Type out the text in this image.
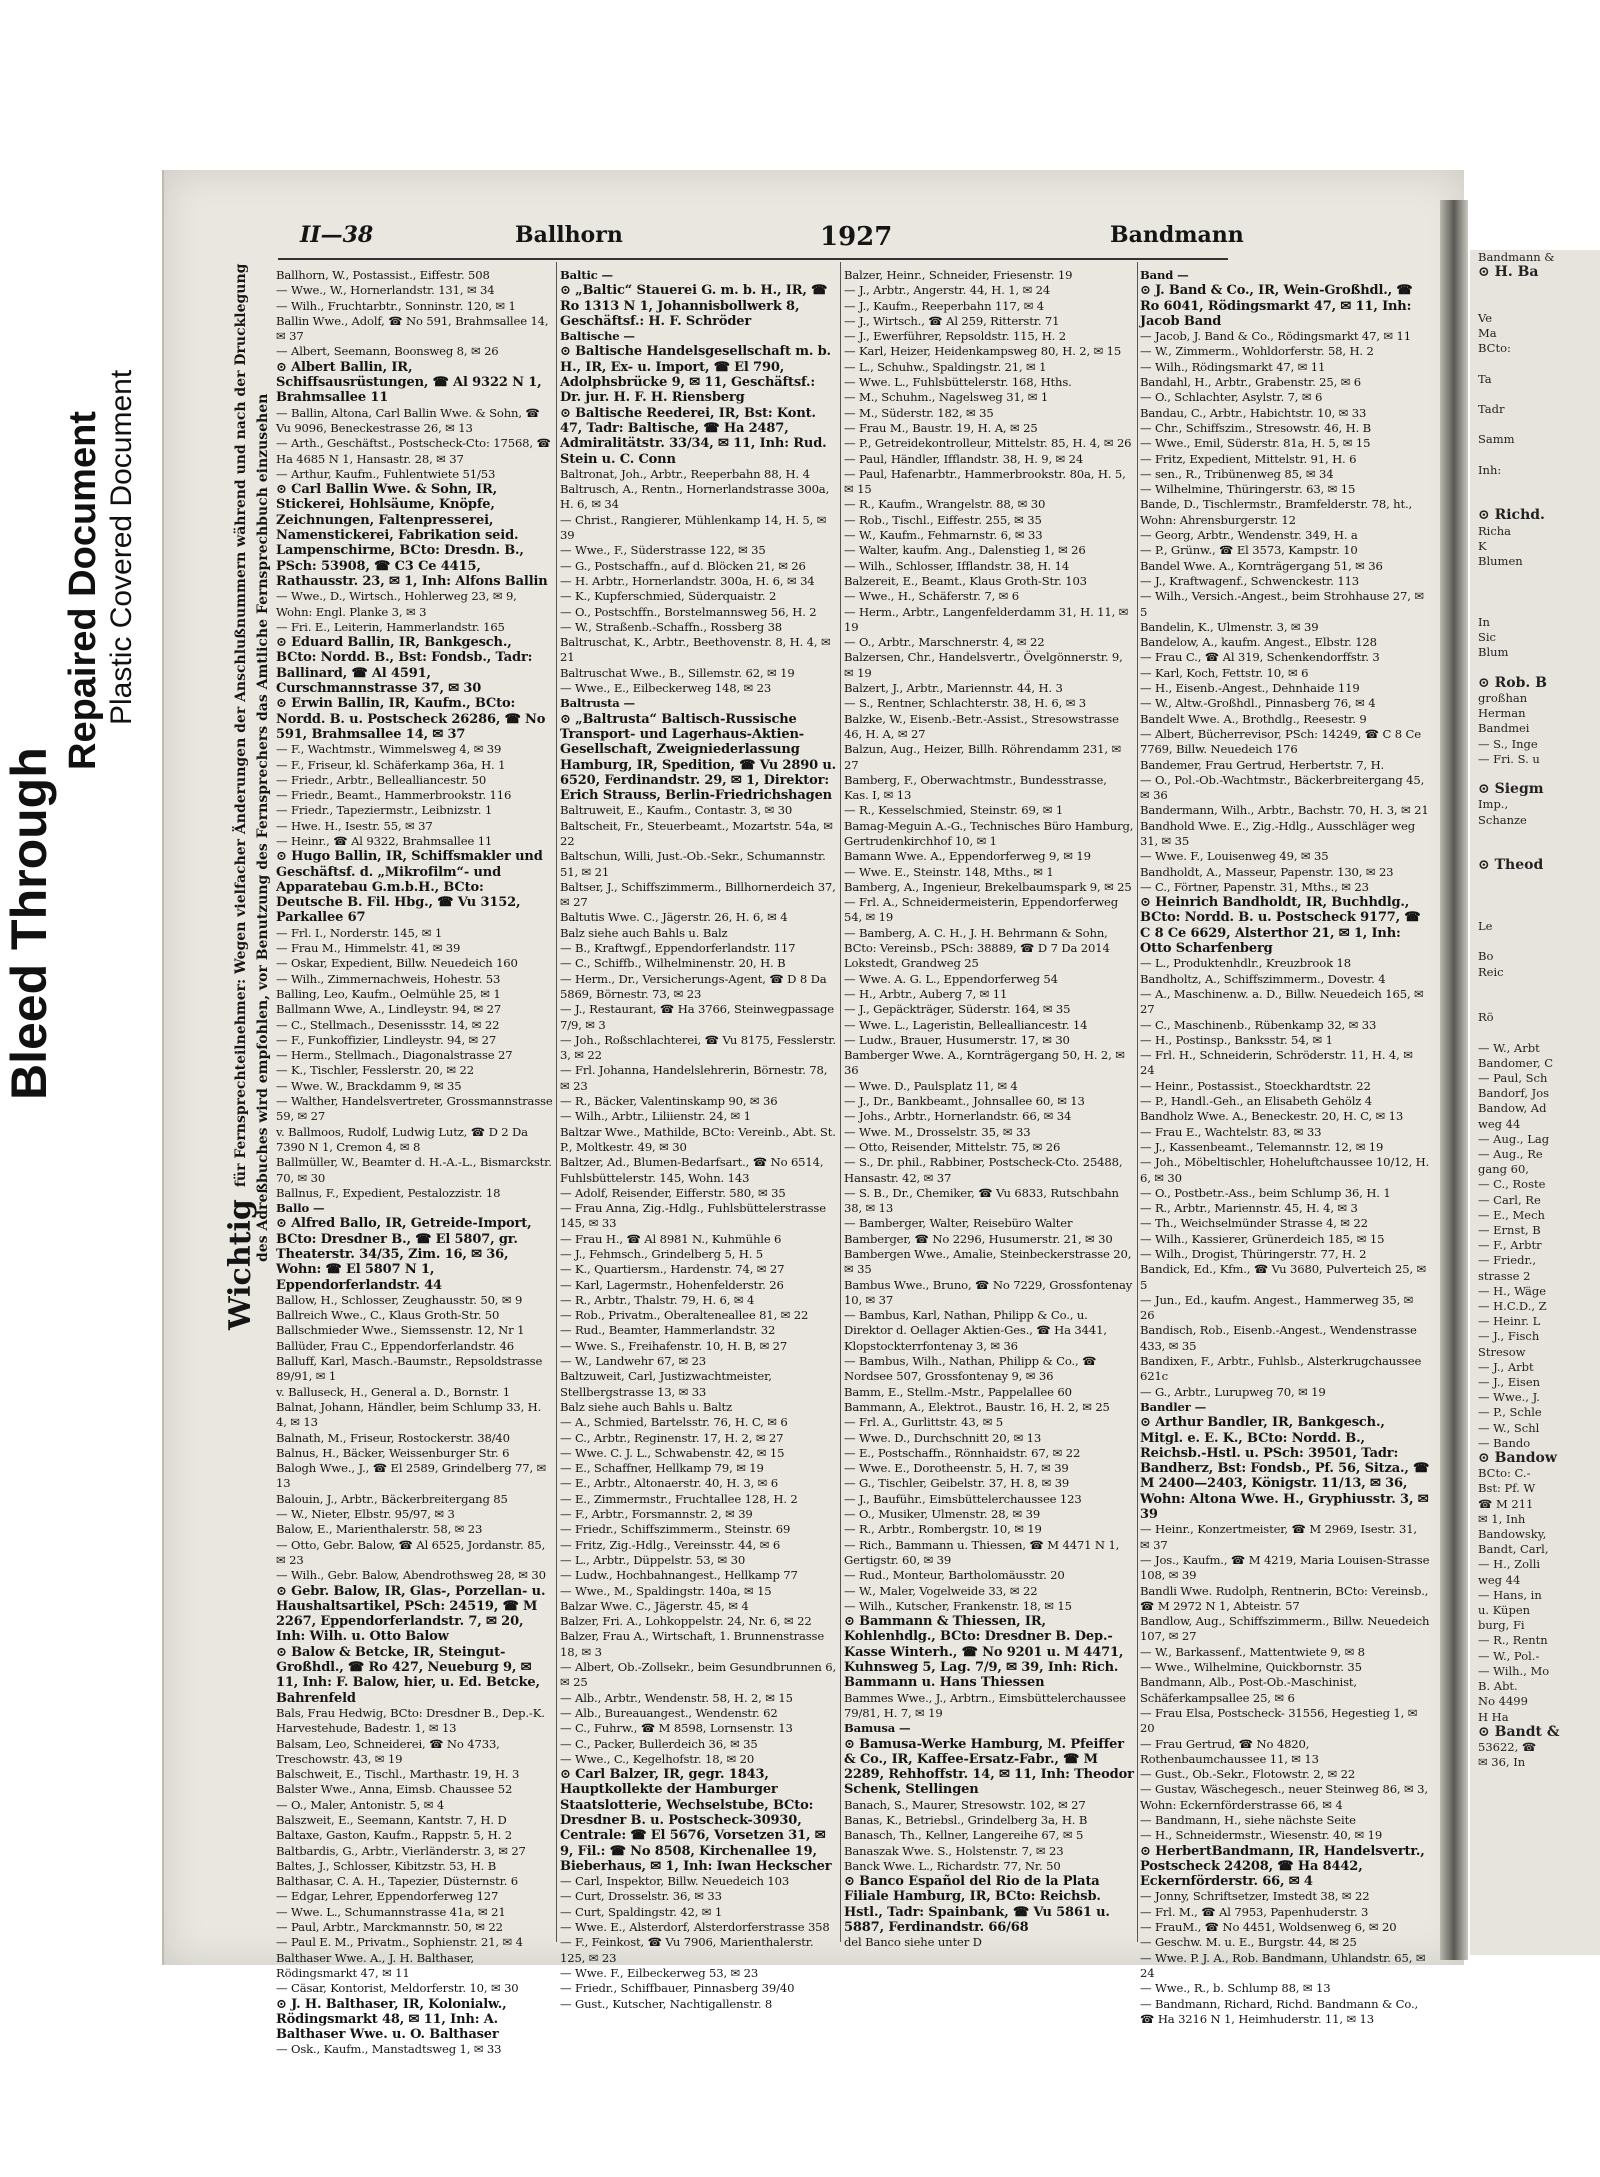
Bleed Through
Repaired Document Plastic Covered Document
Bandmann &
⊙ H. Ba

Ve
Ma
BCto:

Ta

Tadr

Samm

Inh:

⊙ Richd.
Richa
K
Blumen

In
Sic
Blum

⊙ Rob. B
großhan
Herman
Bandmei
— S., Inge
— Fri. S. u

⊙ Siegm
Imp.,
Schanze

⊙ Theod

Le

Bo
Reic

Rö

— W., Arbt
Bandomer, C
— Paul, Sch
Bandorf, Jos
Bandow, Ad
weg 44
— Aug., Lag
— Aug., Re
gang 60,
— C., Roste
— Carl, Re
— E., Mech
— Ernst, B
— F., Arbtr
— Friedr.,
strasse 2
— H., Wäge
— H.C.D., Z
— Heinr. L
— J., Fisch
Stresow
— J., Arbt
— J., Eisen
— Wwe., J.
— P., Schle
— W., Schl
— Bando
⊙ Bandow
BCto: C.-
Bst: Pf. W
☎ M 211
✉ 1, Inh
Bandowsky,
Bandt, Carl,
— H., Zolli
weg 44
— Hans, in
u. Küpen
burg, Fi
— R., Rentn
— W., Pol.-
— Wilh., Mo
B. Abt.
No 4499
H Ha
⊙ Bandt &
53622, ☎
✉ 36, In
II—38	Ballhorn	1927	Bandmann
Wichtigfür Fernsprechteilnehmer: Wegen vielfacher Änderungen der Anschlußnummern während und nach der Drucklegung des Adreßbuches wird empfohlen, vor Benutzung des Fernsprechers das Amtliche Fernsprechbuch einzusehen

Ballhorn, W., Postassist., Eiffestr. 508

— Wwe., W., Hornerlandstr. 131, ✉ 34

— Wilh., Fruchtarbtr., Sonninstr. 120, ✉ 1

Ballin Wwe., Adolf, ☎ No 591, Brahmsallee 14, ✉ 37

— Albert, Seemann, Boonsweg 8, ✉ 26

⊙ Albert Ballin, IR, Schiffsausrüstungen, ☎ Al 9322 N 1, Brahmsallee 11

— Ballin, Altona, Carl Ballin Wwe. & Sohn, ☎ Vu 9096, Beneckestrasse 26, ✉ 13

— Arth., Geschäftst., Postscheck-Cto: 17568, ☎ Ha 4685 N 1, Hansastr. 28, ✉ 37

— Arthur, Kaufm., Fuhlentwiete 51/53

⊙ Carl Ballin Wwe. & Sohn, IR, Stickerei, Hohlsäume, Knöpfe, Zeichnungen, Faltenpresserei, Namenstickerei, Fabrikation seid. Lampenschirme, BCto: Dresdn. B., PSch: 53908, ☎ C3 Ce 4415, Rathausstr. 23, ✉ 1, Inh: Alfons Ballin

— Wwe., D., Wirtsch., Hohlerweg 23, ✉ 9, Wohn: Engl. Planke 3, ✉ 3

— Fri. E., Leiterin, Hammerlandstr. 165

⊙ Eduard Ballin, IR, Bankgesch., BCto: Nordd. B., Bst: Fondsb., Tadr: Ballinard, ☎ Al 4591, Curschmannstrasse 37, ✉ 30

⊙ Erwin Ballin, IR, Kaufm., BCto: Nordd. B. u. Postscheck 26286, ☎ No 591, Brahmsallee 14, ✉ 37

— F., Wachtmstr., Wimmelsweg 4, ✉ 39

— F., Friseur, kl. Schäferkamp 36a, H. 1

— Friedr., Arbtr., Bellealliancestr. 50

— Friedr., Beamt., Hammerbrookstr. 116

— Friedr., Tapeziermstr., Leibnizstr. 1

— Hwe. H., Isestr. 55, ✉ 37

— Heinr., ☎ Al 9322, Brahmsallee 11

⊙ Hugo Ballin, IR, Schiffsmakler und Geschäftsf. d. „Mikrofilm“- und Apparatebau G.m.b.H., BCto: Deutsche B. Fil. Hbg., ☎ Vu 3152, Parkallee 67

— Frl. I., Norderstr. 145, ✉ 1

— Frau M., Himmelstr. 41, ✉ 39

— Oskar, Expedient, Billw. Neuedeich 160

— Wilh., Zimmernachweis, Hohestr. 53

Balling, Leo, Kaufm., Oelmühle 25, ✉ 1

Ballmann Wwe, A., Lindleystr. 94, ✉ 27

— C., Stellmach., Desenissstr. 14, ✉ 22

— F., Funkoffizier, Lindleystr. 94, ✉ 27

— Herm., Stellmach., Diagonalstrasse 27

— K., Tischler, Fesslerstr. 20, ✉ 22

— Wwe. W., Brackdamm 9, ✉ 35

— Walther, Handelsvertreter, Grossmannstrasse 59, ✉ 27

v. Ballmoos, Rudolf, Ludwig Lutz, ☎ D 2 Da 7390 N 1, Cremon 4, ✉ 8

Ballmüller, W., Beamter d. H.-A.-L., Bismarckstr. 70, ✉ 30

Ballnus, F., Expedient, Pestalozzistr. 18

Ballo —

⊙ Alfred Ballo, IR, Getreide-Import, BCto: Dresdner B., ☎ El 5807, gr. Theaterstr. 34/35, Zim. 16, ✉ 36, Wohn: ☎ El 5807 N 1, Eppendorferlandstr. 44

Ballow, H., Schlosser, Zeughausstr. 50, ✉ 9

Ballreich Wwe., C., Klaus Groth-Str. 50

Ballschmieder Wwe., Siemssenstr. 12, Nr 1

Ballüder, Frau C., Eppendorferlandstr. 46

Balluff, Karl, Masch.-Baumstr., Repsoldstrasse 89/91, ✉ 1

v. Balluseck, H., General a. D., Bornstr. 1

Balnat, Johann, Händler, beim Schlump 33, H. 4, ✉ 13

Balnath, M., Friseur, Rostockerstr. 38/40

Balnus, H., Bäcker, Weissenburger Str. 6

Balogh Wwe., J., ☎ El 2589, Grindelberg 77, ✉ 13

Balouin, J., Arbtr., Bäckerbreitergang 85

— W., Nieter, Elbstr. 95/97, ✉ 3

Balow, E., Marienthalerstr. 58, ✉ 23

— Otto, Gebr. Balow, ☎ Al 6525, Jordanstr. 85, ✉ 23

— Wilh., Gebr. Balow, Abendrothsweg 28, ✉ 30

⊙ Gebr. Balow, IR, Glas-, Porzellan- u. Haushaltsartikel, PSch: 24519, ☎ M 2267, Eppendorferlandstr. 7, ✉ 20, Inh: Wilh. u. Otto Balow

⊙ Balow & Betcke, IR, Steingut-Großhdl., ☎ Ro 427, Neueburg 9, ✉ 11, Inh: F. Balow, hier, u. Ed. Betcke, Bahrenfeld

Bals, Frau Hedwig, BCto: Dresdner B., Dep.-K. Harvestehude, Badestr. 1, ✉ 13

Balsam, Leo, Schneiderei, ☎ No 4733, Treschowstr. 43, ✉ 19

Balschweit, E., Tischl., Marthastr. 19, H. 3

Balster Wwe., Anna, Eimsb. Chaussee 52

— O., Maler, Antonistr. 5, ✉ 4

Balszweit, E., Seemann, Kantstr. 7, H. D

Baltaxe, Gaston, Kaufm., Rappstr. 5, H. 2

Baltbardis, G., Arbtr., Vierländerstr. 3, ✉ 27

Baltes, J., Schlosser, Kibitzstr. 53, H. B

Balthasar, C. A. H., Tapezier, Düsternstr. 6

— Edgar, Lehrer, Eppendorferweg 127

— Wwe. L., Schumannstrasse 41a, ✉ 21

— Paul, Arbtr., Marckmannstr. 50, ✉ 22

— Paul E. M., Privatm., Sophienstr. 21, ✉ 4

Balthaser Wwe. A., J. H. Balthaser, Rödingsmarkt 47, ✉ 11

— Cäsar, Kontorist, Meldorferstr. 10, ✉ 30

⊙ J. H. Balthaser, IR, Kolonialw., Rödingsmarkt 48, ✉ 11, Inh: A. Balthaser Wwe. u. O. Balthaser

— Osk., Kaufm., Manstadtsweg 1, ✉ 33

Baltic —

⊙ „Baltic“ Stauerei G. m. b. H., IR, ☎ Ro 1313 N 1, Johannisbollwerk 8, Geschäftsf.: H. F. Schröder

Baltische —

⊙ Baltische Handelsgesellschaft m. b. H., IR, Ex- u. Import, ☎ El 790, Adolphsbrücke 9, ✉ 11, Geschäftsf.: Dr. jur. H. F. H. Riensberg

⊙ Baltische Reederei, IR, Bst: Kont. 47, Tadr: Baltische, ☎ Ha 2487, Admiralitätstr. 33/34, ✉ 11, Inh: Rud. Stein u. C. Conn

Baltronat, Joh., Arbtr., Reeperbahn 88, H. 4

Baltrusch, A., Rentn., Hornerlandstrasse 300a, H. 6, ✉ 34

— Christ., Rangierer, Mühlenkamp 14, H. 5, ✉ 39

— Wwe., F., Süderstrasse 122, ✉ 35

— G., Postschaffn., auf d. Blöcken 21, ✉ 26

— H. Arbtr., Hornerlandstr. 300a, H. 6, ✉ 34

— K., Kupferschmied, Süderquaistr. 2

— O., Postschffn., Borstelmannsweg 56, H. 2

— W., Straßenb.-Schaffn., Rossberg 38

Baltruschat, K., Arbtr., Beethovenstr. 8, H. 4, ✉ 21

Baltruschat Wwe., B., Sillemstr. 62, ✉ 19

— Wwe., E., Eilbeckerweg 148, ✉ 23

Baltrusta —

⊙ „Baltrusta“ Baltisch-Russische Transport- und Lagerhaus-Aktien-Gesellschaft, Zweigniederlassung Hamburg, IR, Spedition, ☎ Vu 2890 u. 6520, Ferdinandstr. 29, ✉ 1, Direktor: Erich Strauss, Berlin-Friedrichshagen

Baltruweit, E., Kaufm., Contastr. 3, ✉ 30

Baltscheit, Fr., Steuerbeamt., Mozartstr. 54a, ✉ 22

Baltschun, Willi, Just.-Ob.-Sekr., Schumannstr. 51, ✉ 21

Baltser, J., Schiffszimmerm., Billhornerdeich 37, ✉ 27

Baltutis Wwe. C., Jägerstr. 26, H. 6, ✉ 4

Balz siehe auch Bahls u. Balz

— B., Kraftwgf., Eppendorferlandstr. 117

— C., Schiffb., Wilhelminenstr. 20, H. B

— Herm., Dr., Versicherungs-Agent, ☎ D 8 Da 5869, Börnestr. 73, ✉ 23

— J., Restaurant, ☎ Ha 3766, Steinwegpassage 7/9, ✉ 3

— Joh., Roßschlachterei, ☎ Vu 8175, Fesslerstr. 3, ✉ 22

— Frl. Johanna, Handelslehrerin, Börnestr. 78, ✉ 23

— R., Bäcker, Valentinskamp 90, ✉ 36

— Wilh., Arbtr., Liliienstr. 24, ✉ 1

Baltzar Wwe., Mathilde, BCto: Vereinb., Abt. St. P., Moltkestr. 49, ✉ 30

Baltzer, Ad., Blumen-Bedarfsart., ☎ No 6514, Fuhlsbüttelerstr. 145, Wohn. 143

— Adolf, Reisender, Eifferstr. 580, ✉ 35

— Frau Anna, Zig.-Hdlg., Fuhlsbüttelerstrasse 145, ✉ 33

— Frau H., ☎ Al 8981 N., Kuhmühle 6

— J., Fehmsch., Grindelberg 5, H. 5

— K., Quartiersm., Hardenstr. 74, ✉ 27

— Karl, Lagermstr., Hohenfelderstr. 26

— R., Arbtr., Thalstr. 79, H. 6, ✉ 4

— Rob., Privatm., Oberalteneallee 81, ✉ 22

— Rud., Beamter, Hammerlandstr. 32

— Wwe. S., Freihafenstr. 10, H. B, ✉ 27

— W., Landwehr 67, ✉ 23

Baltzuweit, Carl, Justizwachtmeister, Stellbergstrasse 13, ✉ 33

Balz siehe auch Bahls u. Baltz

— A., Schmied, Bartelsstr. 76, H. C, ✉ 6

— C., Arbtr., Reginenstr. 17, H. 2, ✉ 27

— Wwe. C. J. L., Schwabenstr. 42, ✉ 15

— E., Schaffner, Hellkamp 79, ✉ 19

— E., Arbtr., Altonaerstr. 40, H. 3, ✉ 6

— E., Zimmermstr., Fruchtallee 128, H. 2

— F., Arbtr., Forsmannstr. 2, ✉ 39

— Friedr., Schiffszimmerm., Steinstr. 69

— Fritz, Zig.-Hdlg., Vereinsstr. 44, ✉ 6

— L., Arbtr., Düppelstr. 53, ✉ 30

— Ludw., Hochbahnangest., Hellkamp 77

— Wwe., M., Spaldingstr. 140a, ✉ 15

Balzar Wwe. C., Jägerstr. 45, ✉ 4

Balzer, Fri. A., Lohkoppelstr. 24, Nr. 6, ✉ 22

Balzer, Frau A., Wirtschaft, 1. Brunnenstrasse 18, ✉ 3

— Albert, Ob.-Zollsekr., beim Gesundbrunnen 6, ✉ 25

— Alb., Arbtr., Wendenstr. 58, H. 2, ✉ 15

— Alb., Bureauangest., Wendenstr. 62

— C., Fuhrw., ☎ M 8598, Lornsenstr. 13

— C., Packer, Bullerdeich 36, ✉ 35

— Wwe., C., Kegelhofstr. 18, ✉ 20

⊙ Carl Balzer, IR, gegr. 1843, Hauptkollekte der Hamburger Staatslotterie, Wechselstube, BCto: Dresdner B. u. Postscheck-30930, Centrale: ☎ El 5676, Vorsetzen 31, ✉ 9, Fil.: ☎ No 8508, Kirchenallee 19, Bieberhaus, ✉ 1, Inh: Iwan Heckscher

— Carl, Inspektor, Billw. Neuedeich 103

— Curt, Drosselstr. 36, ✉ 33

— Curt, Spaldingstr. 42, ✉ 1

— Wwe. E., Alsterdorf, Alsterdorferstrasse 358

— F., Feinkost, ☎ Vu 7906, Marienthalerstr. 125, ✉ 23

— Wwe. F., Eilbeckerweg 53, ✉ 23

— Friedr., Schiffbauer, Pinnasberg 39/40

— Gust., Kutscher, Nachtigallenstr. 8

Balzer, Heinr., Schneider, Friesenstr. 19

— J., Arbtr., Angerstr. 44, H. 1, ✉ 24

— J., Kaufm., Reeperbahn 117, ✉ 4

— J., Wirtsch., ☎ Al 259, Ritterstr. 71

— J., Ewerführer, Repsoldstr. 115, H. 2

— Karl, Heizer, Heidenkampsweg 80, H. 2, ✉ 15

— L., Schuhw., Spaldingstr. 21, ✉ 1

— Wwe. L., Fuhlsbüttelerstr. 168, Hths.

— M., Schuhm., Nagelsweg 31, ✉ 1

— M., Süderstr. 182, ✉ 35

— Frau M., Baustr. 19, H. A, ✉ 25

— P., Getreidekontrolleur, Mittelstr. 85, H. 4, ✉ 26

— Paul, Händler, Ifflandstr. 38, H. 9, ✉ 24

— Paul, Hafenarbtr., Hammerbrookstr. 80a, H. 5, ✉ 15

— R., Kaufm., Wrangelstr. 88, ✉ 30

— Rob., Tischl., Eiffestr. 255, ✉ 35

— W., Kaufm., Fehmarnstr. 6, ✉ 33

— Walter, kaufm. Ang., Dalenstieg 1, ✉ 26

— Wilh., Schlosser, Ifflandstr. 38, H. 14

Balzereit, E., Beamt., Klaus Groth-Str. 103

— Wwe., H., Schäferstr. 7, ✉ 6

— Herm., Arbtr., Langenfelderdamm 31, H. 11, ✉ 19

— O., Arbtr., Marschnerstr. 4, ✉ 22

Balzersen, Chr., Handelsvertr., Övelgönnerstr. 9, ✉ 19

Balzert, J., Arbtr., Mariennstr. 44, H. 3

— S., Rentner, Schlachterstr. 38, H. 6, ✉ 3

Balzke, W., Eisenb.-Betr.-Assist., Stresowstrasse 46, H. A, ✉ 27

Balzun, Aug., Heizer, Billh. Röhrendamm 231, ✉ 27

Bamberg, F., Oberwachtmstr., Bundesstrasse, Kas. I, ✉ 13

— R., Kesselschmied, Steinstr. 69, ✉ 1

Bamag-Meguin A.-G., Technisches Büro Hamburg, Gertrudenkirchhof 10, ✉ 1

Bamann Wwe. A., Eppendorferweg 9, ✉ 19

— Wwe. E., Steinstr. 148, Mths., ✉ 1

Bamberg, A., Ingenieur, Brekelbaumspark 9, ✉ 25

— Frl. A., Schneidermeisterin, Eppendorferweg 54, ✉ 19

— Bamberg, A. C. H., J. H. Behrmann & Sohn, BCto: Vereinsb., PSch: 38889, ☎ D 7 Da 2014 Lokstedt, Grandweg 25

— Wwe. A. G. L., Eppendorferweg 54

— H., Arbtr., Auberg 7, ✉ 11

— J., Gepäckträger, Süderstr. 164, ✉ 35

— Wwe. L., Lageristin, Bellealliancestr. 14

— Ludw., Brauer, Husumerstr. 17, ✉ 30

Bamberger Wwe. A., Kornträgergang 50, H. 2, ✉ 36

— Wwe. D., Paulsplatz 11, ✉ 4

— J., Dr., Bankbeamt., Johnsallee 60, ✉ 13

— Johs., Arbtr., Hornerlandstr. 66, ✉ 34

— Wwe. M., Drosselstr. 35, ✉ 33

— Otto, Reisender, Mittelstr. 75, ✉ 26

— S., Dr. phil., Rabbiner, Postscheck-Cto. 25488, Hansastr. 42, ✉ 37

— S. B., Dr., Chemiker, ☎ Vu 6833, Rutschbahn 38, ✉ 13

— Bamberger, Walter, Reisebüro Walter Bamberger, ☎ No 2296, Husumerstr. 21, ✉ 30

Bambergen Wwe., Amalie, Steinbeckerstrasse 20, ✉ 35

Bambus Wwe., Bruno, ☎ No 7229, Grossfontenay 10, ✉ 37

— Bambus, Karl, Nathan, Philipp & Co., u. Direktor d. Oellager Aktien-Ges., ☎ Ha 3441, Klopstockterrfontenay 3, ✉ 36

— Bambus, Wilh., Nathan, Philipp & Co., ☎ Nordsee 507, Grossfontenay 9, ✉ 36

Bamm, E., Stellm.-Mstr., Pappelallee 60

Bammann, A., Elektrot., Baustr. 16, H. 2, ✉ 25

— Frl. A., Gurlittstr. 43, ✉ 5

— Wwe. D., Durchschnitt 20, ✉ 13

— E., Postschaffn., Rönnhaidstr. 67, ✉ 22

— Wwe. E., Dorotheenstr. 5, H. 7, ✉ 39

— G., Tischler, Geibelstr. 37, H. 8, ✉ 39

— J., Bauführ., Eimsbüttelerchaussee 123

— O., Musiker, Ulmenstr. 28, ✉ 39

— R., Arbtr., Rombergstr. 10, ✉ 19

— Rich., Bammann u. Thiessen, ☎ M 4471 N 1, Gertigstr. 60, ✉ 39

— Rud., Monteur, Bartholomäusstr. 20

— W., Maler, Vogelweide 33, ✉ 22

— Wilh., Kutscher, Frankenstr. 18, ✉ 15

⊙ Bammann & Thiessen, IR, Kohlenhdlg., BCto: Dresdner B. Dep.-Kasse Winterh., ☎ No 9201 u. M 4471, Kuhnsweg 5, Lag. 7/9, ✉ 39, Inh: Rich. Bammann u. Hans Thiessen

Bammes Wwe., J., Arbtrn., Eimsbüttelerchaussee 79/81, H. 7, ✉ 19

Bamusa —

⊙ Bamusa-Werke Hamburg, M. Pfeiffer & Co., IR, Kaffee-Ersatz-Fabr., ☎ M 2289, Rehhoffstr. 14, ✉ 11, Inh: Theodor Schenk, Stellingen

Banach, S., Maurer, Stresowstr. 102, ✉ 27

Banas, K., Betriebsl., Grindelberg 3a, H. B

Banasch, Th., Kellner, Langereihe 67, ✉ 5

Banaszak Wwe. S., Holstenstr. 7, ✉ 23

Banck Wwe. L., Richardstr. 77, Nr. 50

⊙ Banco Español del Rio de la Plata Filiale Hamburg, IR, BCto: Reichsb. Hstl., Tadr: Spainbank, ☎ Vu 5861 u. 5887, Ferdinandstr. 66/68

del Banco siehe unter D

Band —

⊙ J. Band & Co., IR, Wein-Großhdl., ☎ Ro 6041, Rödingsmarkt 47, ✉ 11, Inh: Jacob Band

— Jacob, J. Band & Co., Rödingsmarkt 47, ✉ 11

— W., Zimmerm., Wohldorferstr. 58, H. 2

— Wilh., Rödingsmarkt 47, ✉ 11

Bandahl, H., Arbtr., Grabenstr. 25, ✉ 6

— O., Schlachter, Asylstr. 7, ✉ 6

Bandau, C., Arbtr., Habichtstr. 10, ✉ 33

— Chr., Schiffszim., Stresowstr. 46, H. B

— Wwe., Emil, Süderstr. 81a, H. 5, ✉ 15

— Fritz, Expedient, Mittelstr. 91, H. 6

— sen., R., Tribünenweg 85, ✉ 34

— Wilhelmine, Thüringerstr. 63, ✉ 15

Bande, D., Tischlermstr., Bramfelderstr. 78, ht., Wohn: Ahrensburgerstr. 12

— Georg, Arbtr., Wendenstr. 349, H. a

— P., Grünw., ☎ El 3573, Kampstr. 10

Bandel Wwe. A., Kornträgergang 51, ✉ 36

— J., Kraftwagenf., Schwenckestr. 113

— Wilh., Versich.-Angest., beim Strohhause 27, ✉ 5

Bandelin, K., Ulmenstr. 3, ✉ 39

Bandelow, A., kaufm. Angest., Elbstr. 128

— Frau C., ☎ Al 319, Schenkendorffstr. 3

— Karl, Koch, Fettstr. 10, ✉ 6

— H., Eisenb.-Angest., Dehnhaide 119

— W., Altw.-Großhdl., Pinnasberg 76, ✉ 4

Bandelt Wwe. A., Brothdlg., Reesestr. 9

— Albert, Bücherrevisor, PSch: 14249, ☎ C 8 Ce 7769, Billw. Neuedeich 176

Bandemer, Frau Gertrud, Herbertstr. 7, H.

— O., Pol.-Ob.-Wachtmstr., Bäckerbreitergang 45, ✉ 36

Bandermann, Wilh., Arbtr., Bachstr. 70, H. 3, ✉ 21

Bandhold Wwe. E., Zig.-Hdlg., Ausschläger weg 31, ✉ 35

— Wwe. F., Louisenweg 49, ✉ 35

Bandholdt, A., Masseur, Papenstr. 130, ✉ 23

— C., Förtner, Papenstr. 31, Mths., ✉ 23

⊙ Heinrich Bandholdt, IR, Buchhdlg., BCto: Nordd. B. u. Postscheck 9177, ☎ C 8 Ce 6629, Alsterthor 21, ✉ 1, Inh: Otto Scharfenberg

— L., Produktenhdlr., Kreuzbrook 18

Bandholtz, A., Schiffszimmerm., Dovestr. 4

— A., Maschinenw. a. D., Billw. Neuedeich 165, ✉ 27

— C., Maschinenb., Rübenkamp 32, ✉ 33

— H., Postinsp., Banksstr. 54, ✉ 1

— Frl. H., Schneiderin, Schröderstr. 11, H. 4, ✉ 24

— Heinr., Postassist., Stoeckhardtstr. 22

— P., Handl.-Geh., an Elisabeth Gehölz 4

Bandholz Wwe. A., Beneckestr. 20, H. C, ✉ 13

— Frau E., Wachtelstr. 83, ✉ 33

— J., Kassenbeamt., Telemannstr. 12, ✉ 19

— Joh., Möbeltischler, Hoheluftchaussee 10/12, H. 6, ✉ 30

— O., Postbetr.-Ass., beim Schlump 36, H. 1

— R., Arbtr., Mariennstr. 45, H. 4, ✉ 3

— Th., Weichselmünder Strasse 4, ✉ 22

— Wilh., Kassierer, Grünerdeich 185, ✉ 15

— Wilh., Drogist, Thüringerstr. 77, H. 2

Bandick, Ed., Kfm., ☎ Vu 3680, Pulverteich 25, ✉ 5

— Jun., Ed., kaufm. Angest., Hammerweg 35, ✉ 26

Bandisch, Rob., Eisenb.-Angest., Wendenstrasse 433, ✉ 35

Bandixen, F., Arbtr., Fuhlsb., Alsterkrugchaussee 621c

— G., Arbtr., Lurupweg 70, ✉ 19

Bandler —

⊙ Arthur Bandler, IR, Bankgesch., Mitgl. e. E. K., BCto: Nordd. B., Reichsb.-Hstl. u. PSch: 39501, Tadr: Bandherz, Bst: Fondsb., Pf. 56, Sitza., ☎ M 2400—2403, Königstr. 11/13, ✉ 36, Wohn: Altona Wwe. H., Gryphiusstr. 3, ✉ 39

— Heinr., Konzertmeister, ☎ M 2969, Isestr. 31, ✉ 37

— Jos., Kaufm., ☎ M 4219, Maria Louisen-Strasse 108, ✉ 39

Bandli Wwe. Rudolph, Rentnerin, BCto: Vereinsb., ☎ M 2972 N 1, Abteistr. 57

Bandlow, Aug., Schiffszimmerm., Billw. Neuedeich 107, ✉ 27

— W., Barkassenf., Mattentwiete 9, ✉ 8

— Wwe., Wilhelmine, Quickbornstr. 35

Bandmann, Alb., Post-Ob.-Maschinist, Schäferkampsallee 25, ✉ 6

— Frau Elsa, Postscheck- 31556, Hegestieg 1, ✉ 20

— Frau Gertrud, ☎ No 4820, Rothenbaumchaussee 11, ✉ 13

— Gust., Ob.-Sekr., Flotowstr. 2, ✉ 22

— Gustav, Wäschegesch., neuer Steinweg 86, ✉ 3, Wohn: Eckernförderstrasse 66, ✉ 4

— Bandmann, H., siehe nächste Seite

— H., Schneidermstr., Wiesenstr. 40, ✉ 19

⊙ HerbertBandmann, IR, Handelsvertr., Postscheck 24208, ☎ Ha 8442, Eckernförderstr. 66, ✉ 4

— Jonny, Schriftsetzer, Imstedt 38, ✉ 22

— Frl. M., ☎ Al 7953, Papenhuderstr. 3

— FrauM., ☎ No 4451, Woldsenweg 6, ✉ 20

— Geschw. M. u. E., Burgstr. 44, ✉ 25

— Wwe. P. J. A., Rob. Bandmann, Uhlandstr. 65, ✉ 24

— Wwe., R., b. Schlump 88, ✉ 13

— Bandmann, Richard, Richd. Bandmann & Co., ☎ Ha 3216 N 1, Heimhuderstr. 11, ✉ 13
